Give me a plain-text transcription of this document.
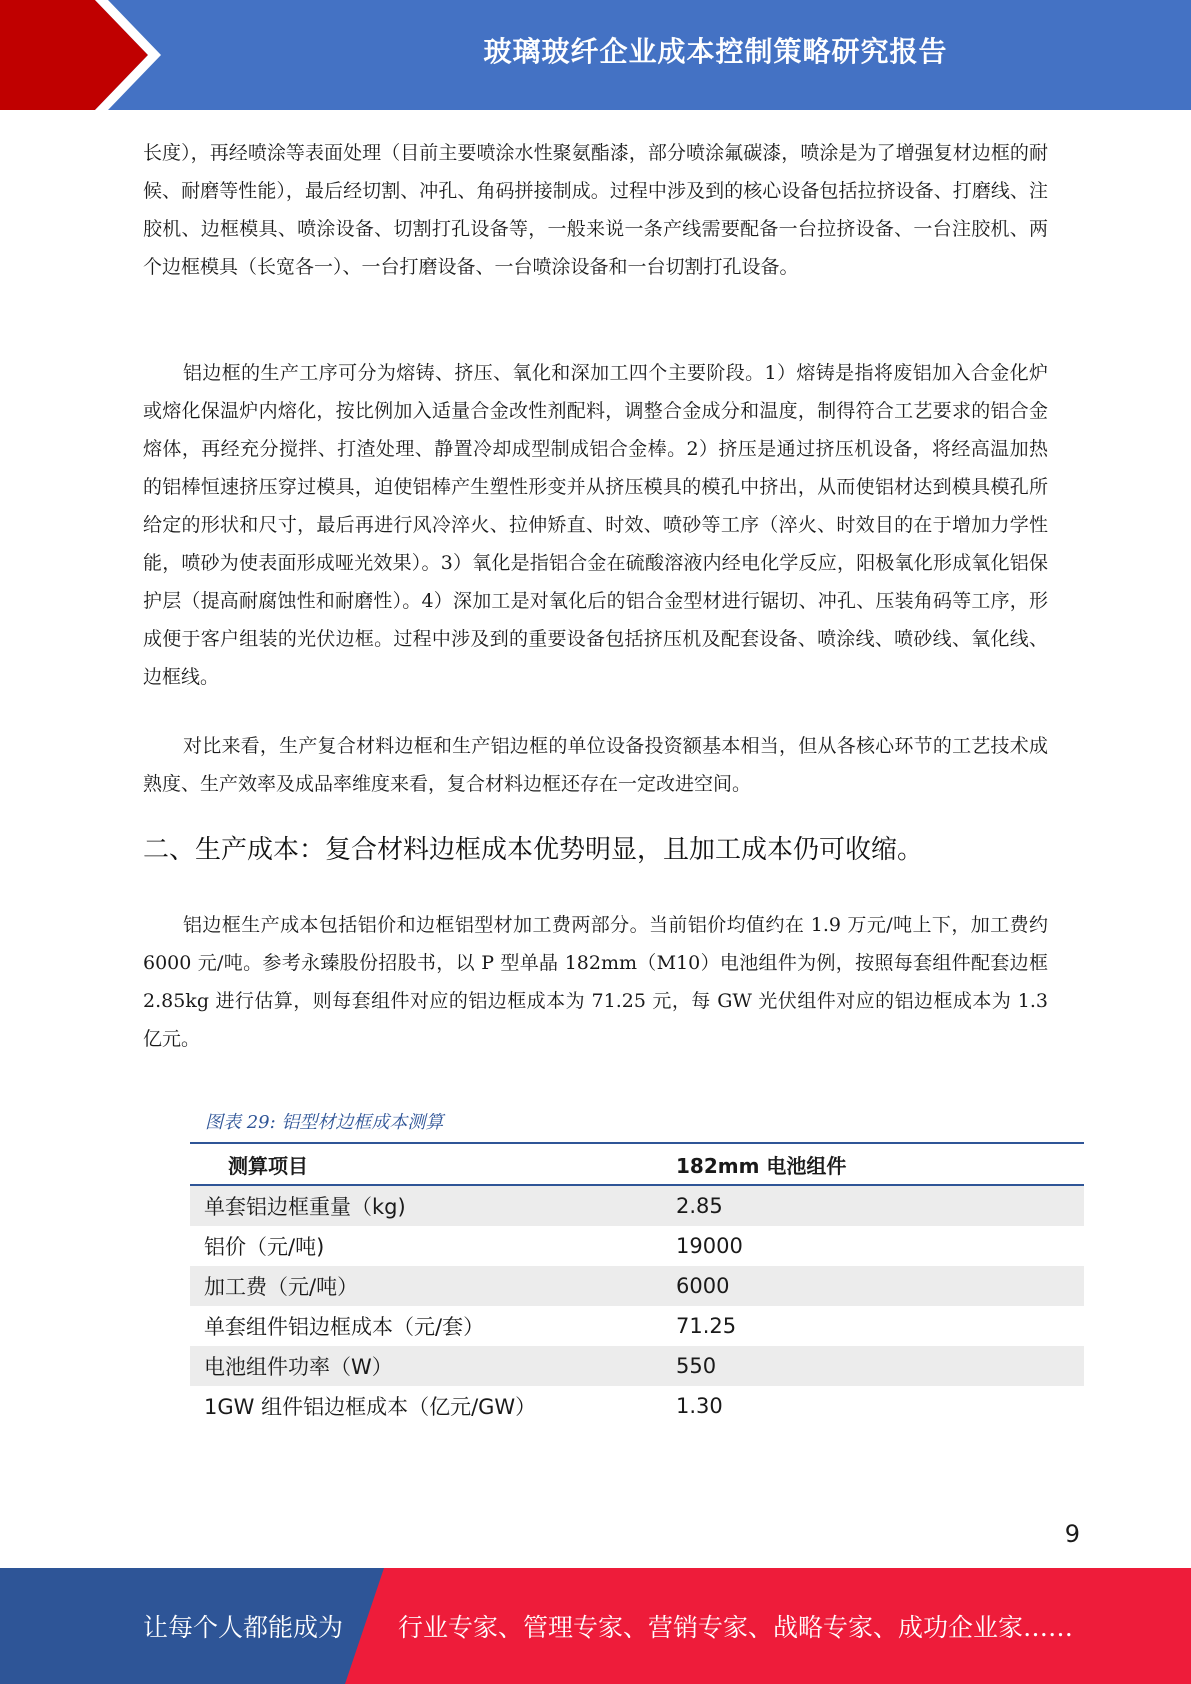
玻璃玻纤企业成本控制策略研究报告

长度），再经喷涂等表面处理（目前主要喷涂水性聚氨酯漆，部分喷涂氟碳漆，喷涂是为了增强复材边框的耐候、耐磨等性能），最后经切割、冲孔、角码拼接制成。过程中涉及到的核心设备包括拉挤设备、打磨线、注胶机、边框模具、喷涂设备、切割打孔设备等，一般来说一条产线需要配备一台拉挤设备、一台注胶机、两个边框模具（长宽各一）、一台打磨设备、一台喷涂设备和一台切割打孔设备。

铝边框的生产工序可分为熔铸、挤压、氧化和深加工四个主要阶段。1）熔铸是指将废铝加入合金化炉或熔化保温炉内熔化，按比例加入适量合金改性剂配料，调整合金成分和温度，制得符合工艺要求的铝合金熔体，再经充分搅拌、打渣处理、静置冷却成型制成铝合金棒。2）挤压是通过挤压机设备，将经高温加热的铝棒恒速挤压穿过模具，迫使铝棒产生塑性形变并从挤压模具的模孔中挤出，从而使铝材达到模具模孔所给定的形状和尺寸，最后再进行风冷淬火、拉伸矫直、时效、喷砂等工序（淬火、时效目的在于增加力学性能，喷砂为使表面形成哑光效果）。3）氧化是指铝合金在硫酸溶液内经电化学反应，阳极氧化形成氧化铝保护层（提高耐腐蚀性和耐磨性）。4）深加工是对氧化后的铝合金型材进行锯切、冲孔、压装角码等工序，形成便于客户组装的光伏边框。过程中涉及到的重要设备包括挤压机及配套设备、喷涂线、喷砂线、氧化线、边框线。

对比来看，生产复合材料边框和生产铝边框的单位设备投资额基本相当，但从各核心环节的工艺技术成熟度、生产效率及成品率维度来看，复合材料边框还存在一定改进空间。

二、生产成本：复合材料边框成本优势明显，且加工成本仍可收缩。

铝边框生产成本包括铝价和边框铝型材加工费两部分。当前铝价均值约在 1.9 万元/吨上下，加工费约 6000 元/吨。参考永臻股份招股书，以 P 型单晶 182mm（M10）电池组件为例，按照每套组件配套边框 2.85kg 进行估算，则每套组件对应的铝边框成本为 71.25 元，每 GW 光伏组件对应的铝边框成本为 1.3 亿元。

图表 29: 铝型材边框成本测算
测算项目	182mm 电池组件
单套铝边框重量（kg)	2.85
铝价（元/吨)	19000
加工费（元/吨）	6000
单套组件铝边框成本（元/套）	71.25
电池组件功率（W）	550
1GW 组件铝边框成本（亿元/GW）	1.30
9
让每个人都能成为 行业专家、管理专家、营销专家、战略专家、成功企业家……
